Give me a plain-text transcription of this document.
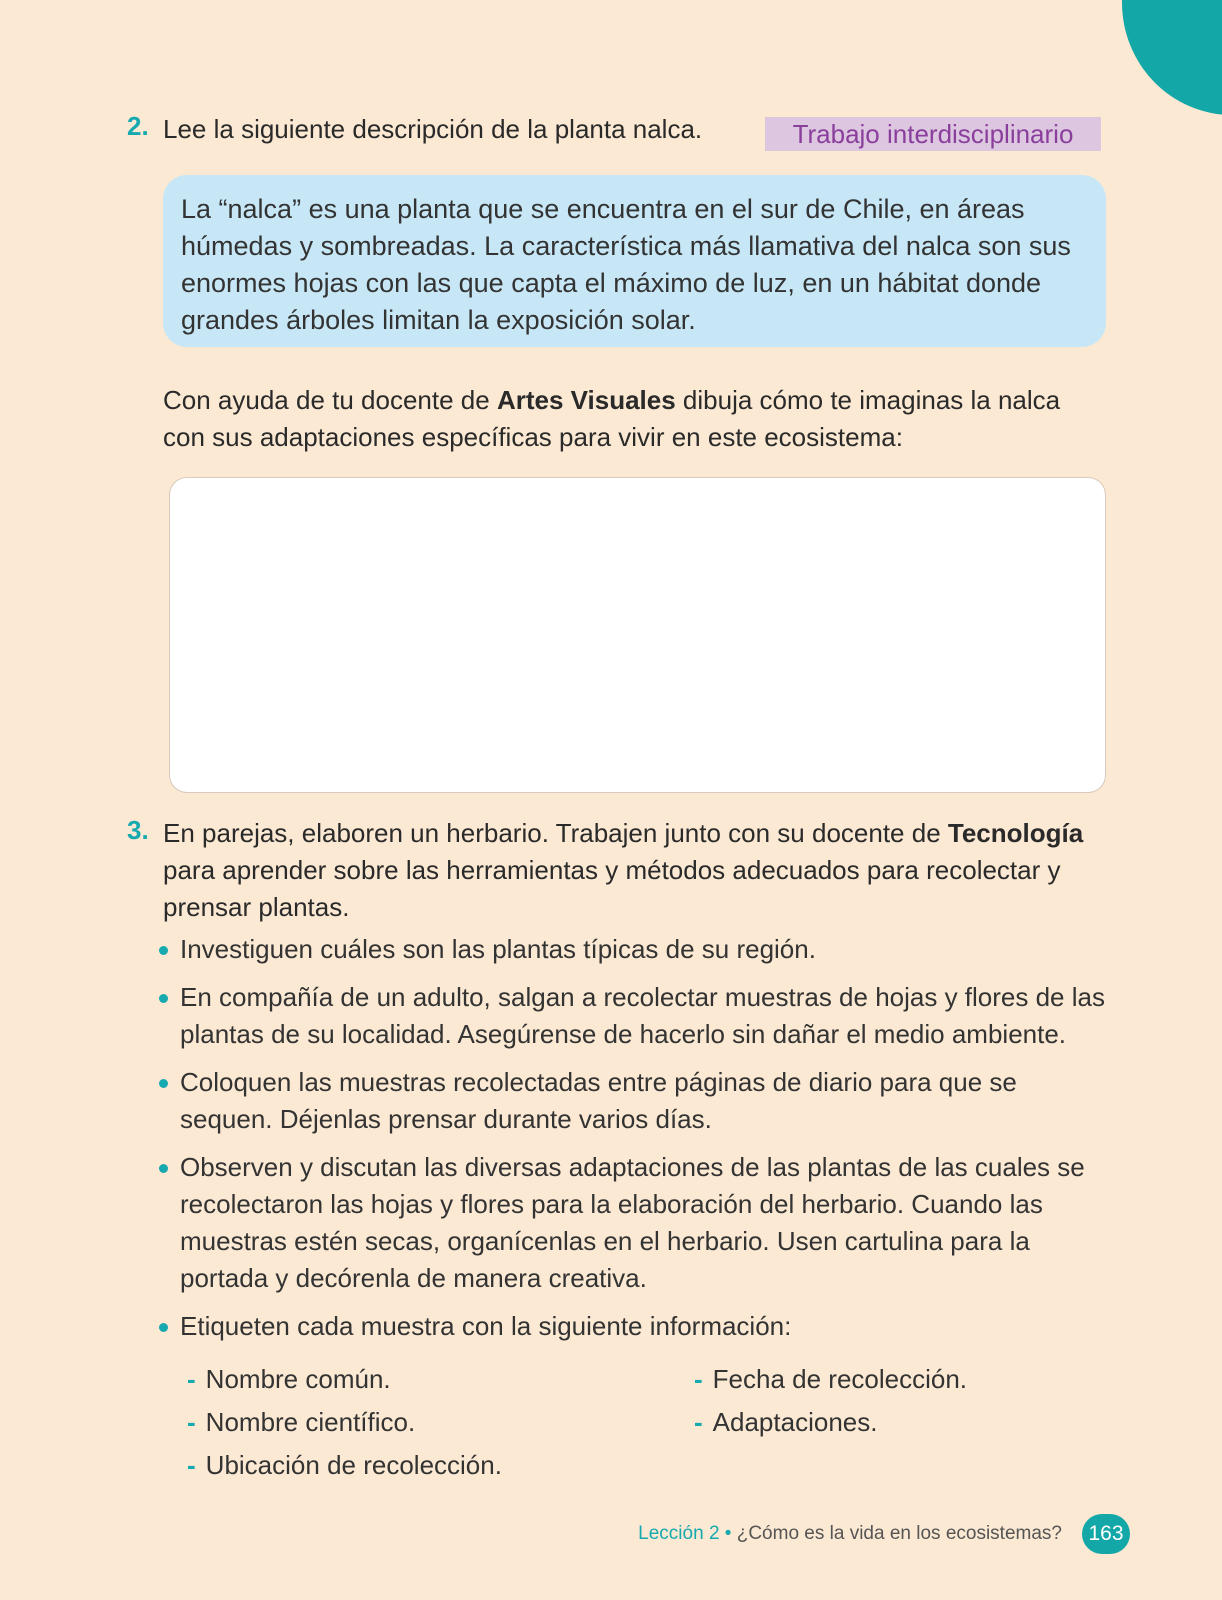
2. Lee la siguiente descripción de la planta nalca.	Trabajo interdisciplinario
La “nalca” es una planta que se encuentra en el sur de Chile, en áreas húmedas y sombreadas. La característica más llamativa del nalca son sus enormes hojas con las que capta el máximo de luz, en un hábitat donde grandes árboles limitan la exposición solar.
Con ayuda de tu docente de Artes Visuales dibuja cómo te imaginas la nalca con sus adaptaciones específicas para vivir en este ecosistema:
3. En parejas, elaboren un herbario. Trabajen junto con su docente de Tecnología para aprender sobre las herramientas y métodos adecuados para recolectar y prensar plantas.
Investiguen cuáles son las plantas típicas de su región.
En compañía de un adulto, salgan a recolectar muestras de hojas y flores de las plantas de su localidad. Asegúrense de hacerlo sin dañar el medio ambiente.
Coloquen las muestras recolectadas entre páginas de diario para que se sequen. Déjenlas prensar durante varios días.
Observen y discutan las diversas adaptaciones de las plantas de las cuales se recolectaron las hojas y flores para la elaboración del herbario. Cuando las muestras estén secas, organícenlas en el herbario. Usen cartulina para la portada y decórenla de manera creativa.
Etiqueten cada muestra con la siguiente información:
- Nombre común.
- Nombre científico.
- Ubicación de recolección.
- Fecha de recolección.
- Adaptaciones.
Lección 2 • ¿Cómo es la vida en los ecosistemas?	163
